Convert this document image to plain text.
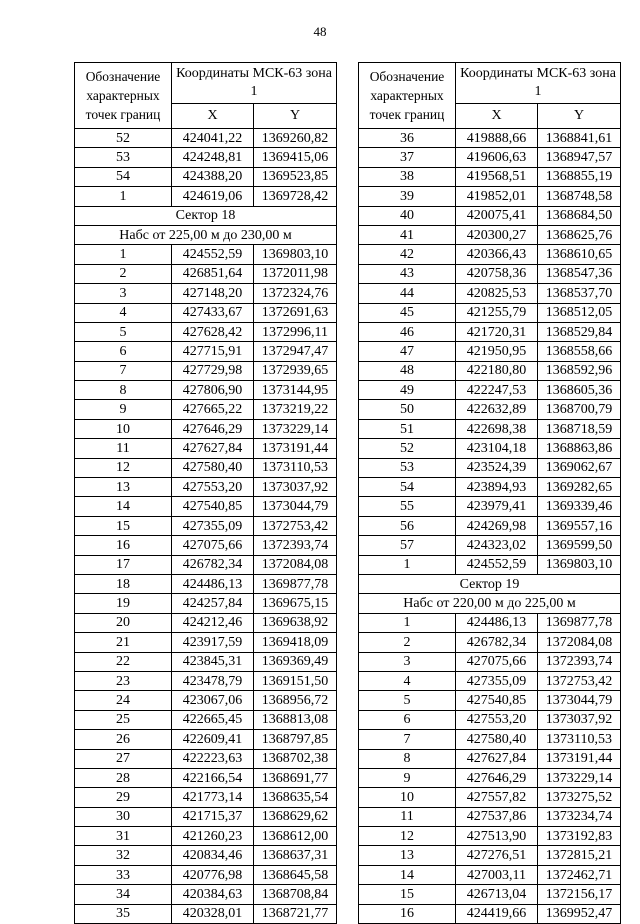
48
Обозначение характерных точек границ	Координаты МСК-63 зона 1	
	X	Y
52	424041,22	1369260,82
53	424248,81	1369415,06
54	424388,20	1369523,85
1	424619,06	1369728,42
Сектор 18		
Набс от 225,00 м до 230,00 м		
1	424552,59	1369803,10
2	426851,64	1372011,98
3	427148,20	1372324,76
4	427433,67	1372691,63
5	427628,42	1372996,11
6	427715,91	1372947,47
7	427729,98	1372939,65
8	427806,90	1373144,95
9	427665,22	1373219,22
10	427646,29	1373229,14
11	427627,84	1373191,44
12	427580,40	1373110,53
13	427553,20	1373037,92
14	427540,85	1373044,79
15	427355,09	1372753,42
16	427075,66	1372393,74
17	426782,34	1372084,08
18	424486,13	1369877,78
19	424257,84	1369675,15
20	424212,46	1369638,92
21	423917,59	1369418,09
22	423845,31	1369369,49
23	423478,79	1369151,50
24	423067,06	1368956,72
25	422665,45	1368813,08
26	422609,41	1368797,85
27	422223,63	1368702,38
28	422166,54	1368691,77
29	421773,14	1368635,54
30	421715,37	1368629,62
31	421260,23	1368612,00
32	420834,46	1368637,31
33	420776,98	1368645,58
34	420384,63	1368708,84
35	420328,01	1368721,77
Обозначение характерных точек границ	Координаты МСК-63 зона 1	
	X	Y
36	419888,66	1368841,61
37	419606,63	1368947,57
38	419568,51	1368855,19
39	419852,01	1368748,58
40	420075,41	1368684,50
41	420300,27	1368625,76
42	420366,43	1368610,65
43	420758,36	1368547,36
44	420825,53	1368537,70
45	421255,79	1368512,05
46	421720,31	1368529,84
47	421950,95	1368558,66
48	422180,80	1368592,96
49	422247,53	1368605,36
50	422632,89	1368700,79
51	422698,38	1368718,59
52	423104,18	1368863,86
53	423524,39	1369062,67
54	423894,93	1369282,65
55	423979,41	1369339,46
56	424269,98	1369557,16
57	424323,02	1369599,50
1	424552,59	1369803,10
Сектор 19		
Набс от 220,00 м до 225,00 м		
1	424486,13	1369877,78
2	426782,34	1372084,08
3	427075,66	1372393,74
4	427355,09	1372753,42
5	427540,85	1373044,79
6	427553,20	1373037,92
7	427580,40	1373110,53
8	427627,84	1373191,44
9	427646,29	1373229,14
10	427557,82	1373275,52
11	427537,86	1373234,74
12	427513,90	1373192,83
13	427276,51	1372815,21
14	427003,11	1372462,71
15	426713,04	1372156,17
16	424419,66	1369952,47
